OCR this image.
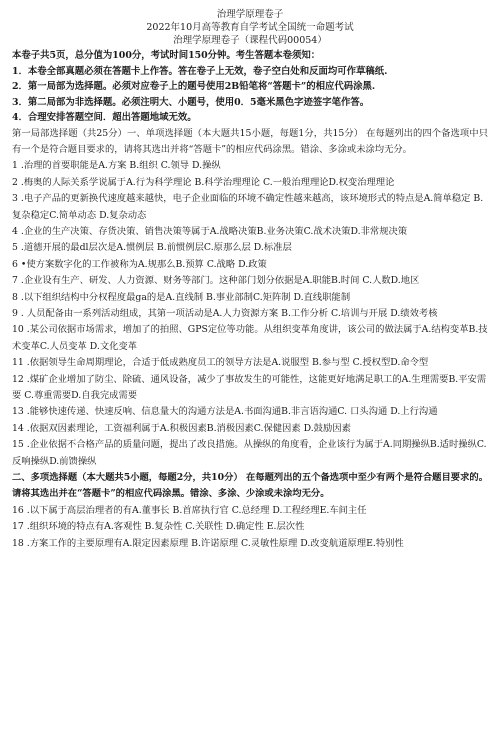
治理学原理卷子

2022年10月高等教育自学考试全国统一命题考试

治理学原理卷子（课程代码00054）

本卷子共5页，总分值为100分，考试时间150分钟。考生答题本卷须知：

1．本卷全部真题必须在答题卡上作答。答在卷子上无效，卷子空白处和反面均可作草稿纸.

2．第一局部为选择题。必须对应卷子上的题号使用2B铅笔将“答题卡”的相应代码涂黑.

3．第二局部为非选择题。必须注明大、小题号，使用0．5毫米黑色字迹签字笔作答。

4．合理安排答题空间．超出答题地域无效。

第一局部选择题（共25分）一、单项选择题（本大题共15小题，每题1分，共15分） 在每题列出的四个备选项中只有一个是符合题目要求的，请将其选出并将“答题卡”的相应代码涂黑。错涂、多涂或未涂均无分。

1 .治理的首要职能是A.方案 B.组织 C.领导 D.操纵

2 .梅奥的人际关系学说属于A.行为科学理论 B.科学治理理论 C.一般治理理论D.权变治理理论

3 .电子产品的更新换代速度越来越快，电子企业面临的环境不确定性越来越高，该环境形式的特点是A.简单稳定 B.复杂稳定C.简单动态 D.复杂动态

4 .企业的生产决策、存货决策、销售决策等属于A.战略决策B.业务决策C.战术决策D.非常规决策

5 .道德开展的最dl层次是A.惯例层 B.前惯例层C.原那么层 D.标准层

6 •使方案数字化的工作被称为A.规那么B.预算 C.战略 D.政策

7 .企业设有生产、研发、人力资源、财务等部门。这种部门划分依据是A.职能B.时间 C.人数D.地区

8 .以下组织结构中分权程度最ga的是A.直线制 B.事业部制C.矩阵制 D.直线职能制

9 . 人员配备由一系列活动组成，其第一项活动是A.人力资源方案 B.工作分析 C.培训与开展 D.绩效考核

10 .某公司依据市场需求，增加了的拍照、GPS定位等功能。从组织变革角度讲，该公司的做法属于A.结构变革B.技术变革C.人员变革 D.文化变革

11 .依据领导生命周期理论，合适于低成熟度员工的领导方法是A.说服型 B.参与型 C.授权型D.命令型

12 .煤矿企业增加了防尘、除硫、通风设备，减少了事故发生的可能性，这能更好地满足职工的A.生理需要B.平安需要 C.尊重需要D.自我完成需要

13 .能够快速传递、快速反响、信息量大的沟通方法是A.书面沟通B.非言语沟通C. 口头沟通 D.上行沟通

14 .依据双因素理论，工资福利属于A.积极因素B.消极因素C.保健因素 D.鼓励因素

15 .企业依据不合格产品的质量问题，提出了改良措施。从操纵的角度看，企业该行为属于A.同期操纵B.适时操纵C.反响操纵D.前馈操纵

二、多项选择题（本大题共5小题，每题2分，共10分） 在每题列出的五个备选项中至少有两个是符合题目要求的。请将其选出并在“答题卡”的相应代码涂黑。错涂、多涂、少涂或未涂均无分。

16 .以下属于高层治理者的有A.董事长 B.首席执行官 C.总经理 D.工程经理E.车间主任

17 .组织环境的特点有A.客观性 B.复杂性 C.关联性 D.确定性 E.层次性

18 .方案工作的主要原理有A.限定因素原理 B.许诺原理 C.灵敏性原理 D.改变航道原理E.特别性
